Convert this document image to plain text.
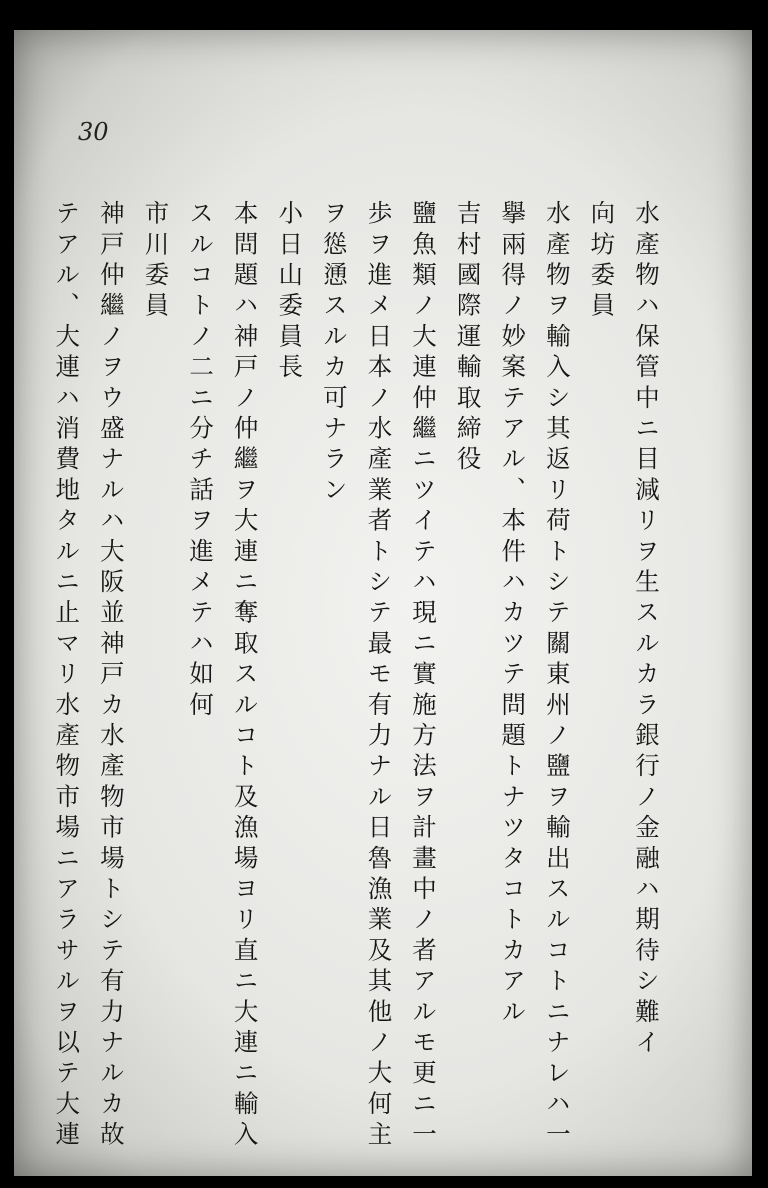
30

水產物ハ保管中ニ目減リヲ生スルカラ銀行ノ金融ハ期待シ難イ

向坊委員

水產物ヲ輸入シ其返リ荷トシテ關東州ノ鹽ヲ輸出スルコトニナレハ一

擧兩得ノ妙案テアル、本件ハカツテ問題トナツタコトカアル

吉村國際運輸取締役

鹽魚類ノ大連仲繼ニツイテハ現ニ實施方法ヲ計畫中ノ者アルモ更ニ一

歩ヲ進メ日本ノ水產業者トシテ最モ有力ナル日魯漁業及其他ノ大何主

ヲ慫慂スルカ可ナラン

小日山委員長

本問題ハ神戸ノ仲繼ヲ大連ニ奪取スルコト及漁場ヨリ直ニ大連ニ輸入

スルコトノ二ニ分チ話ヲ進メテハ如何

市川委員

神戸仲繼ノヲウ盛ナルハ大阪並神戸カ水產物市場トシテ有力ナルカ故

テアル、大連ハ消費地タルニ止マリ水產物市場ニアラサルヲ以テ大連
